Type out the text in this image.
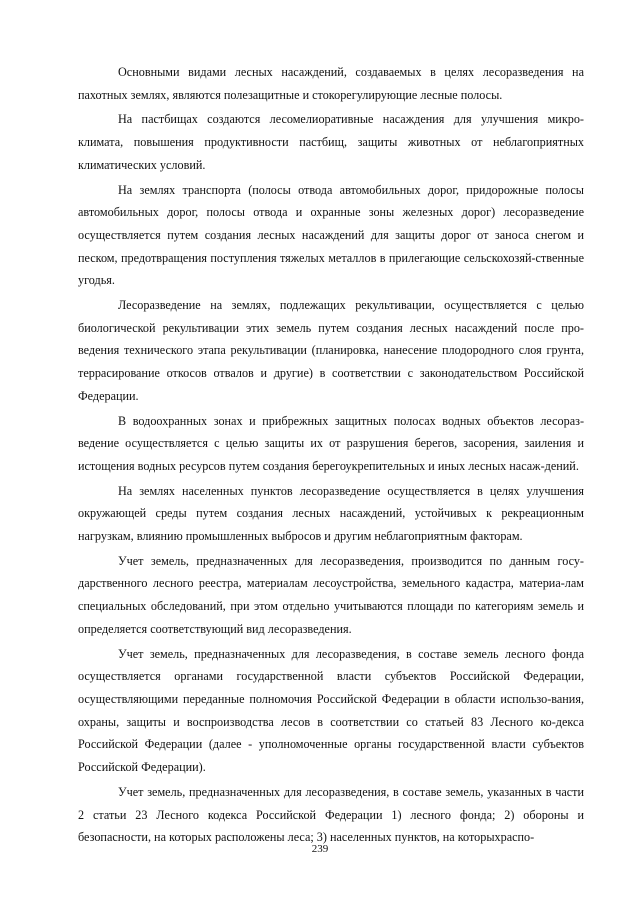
Основными видами лесных насаждений, создаваемых в целях лесоразведения на пахотных землях, являются полезащитные и стокорегулирующие лесные полосы.

На пастбищах создаются лесомелиоративные насаждения для улучшения микро-климата, повышения продуктивности пастбищ, защиты животных от неблагоприятных климатических условий.

На землях транспорта (полосы отвода автомобильных дорог, придорожные полосы автомобильных дорог, полосы отвода и охранные зоны железных дорог) лесоразведение осуществляется путем создания лесных насаждений для защиты дорог от заноса снегом и песком, предотвращения поступления тяжелых металлов в прилегающие сельскохозяй-ственные угодья.

Лесоразведение на землях, подлежащих рекультивации, осуществляется с целью биологической рекультивации этих земель путем создания лесных насаждений после про-ведения технического этапа рекультивации (планировка, нанесение плодородного слоя грунта, террасирование откосов отвалов и другие) в соответствии с законодательством Российской Федерации.

В водоохранных зонах и прибрежных защитных полосах водных объектов лесораз-ведение осуществляется с целью защиты их от разрушения берегов, засорения, заиления и истощения водных ресурсов путем создания берегоукрепительных и иных лесных насаж-дений.

На землях населенных пунктов лесоразведение осуществляется в целях улучшения окружающей среды путем создания лесных насаждений, устойчивых к рекреационным нагрузкам, влиянию промышленных выбросов и другим неблагоприятным факторам.

Учет земель, предназначенных для лесоразведения, производится по данным госу-дарственного лесного реестра, материалам лесоустройства, земельного кадастра, материа-лам специальных обследований, при этом отдельно учитываются площади по категориям земель и определяется соответствующий вид лесоразведения.

Учет земель, предназначенных для лесоразведения, в составе земель лесного фонда осуществляется органами государственной власти субъектов Российской Федерации, осуществляющими переданные полномочия Российской Федерации в области использо-вания, охраны, защиты и воспроизводства лесов в соответствии со статьей 83 Лесного ко-декса Российской Федерации (далее - уполномоченные органы государственной власти субъектов Российской Федерации).

Учет земель, предназначенных для лесоразведения, в составе земель, указанных в части 2 статьи 23 Лесного кодекса Российской Федерации 1) лесного фонда; 2) обороны и безопасности, на которых расположены леса; 3) населенных пунктов, на которыхраспо-

239
